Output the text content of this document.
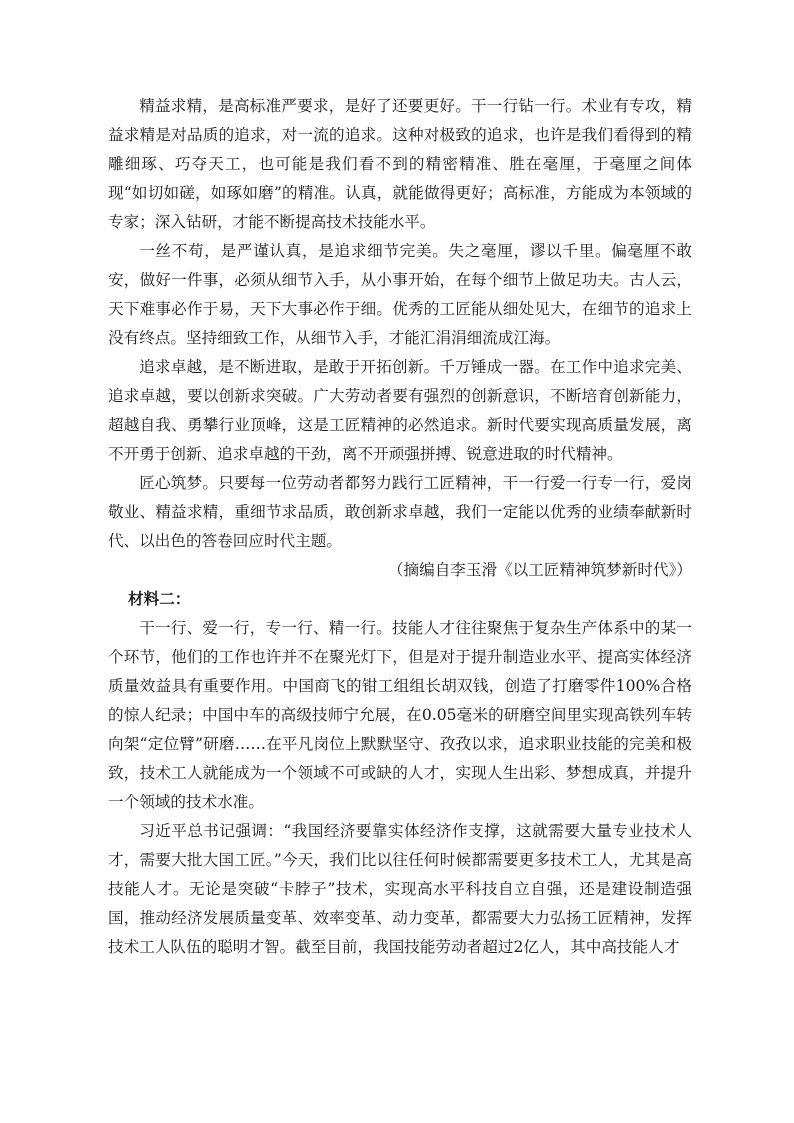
精益求精，是高标准严要求，是好了还要更好。干一行钻一行。术业有专攻，精益求精是对品质的追求，对一流的追求。这种对极致的追求，也许是我们看得到的精雕细琢、巧夺天工，也可能是我们看不到的精密精准、胜在毫厘，于毫厘之间体现“如切如磋，如琢如磨”的精准。认真，就能做得更好；高标准，方能成为本领域的专家；深入钻研，才能不断提高技术技能水平。

一丝不苟，是严谨认真，是追求细节完美。失之毫厘，谬以千里。偏毫厘不敢安，做好一件事，必须从细节入手，从小事开始，在每个细节上做足功夫。古人云，天下难事必作于易，天下大事必作于细。优秀的工匠能从细处见大，在细节的追求上没有终点。坚持细致工作，从细节入手，才能汇涓涓细流成江海。

追求卓越，是不断进取，是敢于开拓创新。千万锤成一器。在工作中追求完美、追求卓越，要以创新求突破。广大劳动者要有强烈的创新意识，不断培育创新能力，超越自我、勇攀行业顶峰，这是工匠精神的必然追求。新时代要实现高质量发展，离不开勇于创新、追求卓越的干劲，离不开顽强拼搏、锐意进取的时代精神。

匠心筑梦。只要每一位劳动者都努力践行工匠精神，干一行爱一行专一行，爱岗敬业、精益求精，重细节求品质，敢创新求卓越，我们一定能以优秀的业绩奉献新时代、以出色的答卷回应时代主题。

（摘编自李玉滑《以工匠精神筑梦新时代》）

材料二：

干一行、爱一行，专一行、精一行。技能人才往往聚焦于复杂生产体系中的某一个环节，他们的工作也许并不在聚光灯下，但是对于提升制造业水平、提高实体经济质量效益具有重要作用。中国商飞的钳工组组长胡双钱，创造了打磨零件100%合格的惊人纪录；中国中车的高级技师宁允展，在0.05毫米的研磨空间里实现高铁列车转向架“定位臂”研磨……在平凡岗位上默默坚守、孜孜以求，追求职业技能的完美和极致，技术工人就能成为一个领域不可或缺的人才，实现人生出彩、梦想成真，并提升一个领域的技术水准。

习近平总书记强调：“我国经济要靠实体经济作支撑，这就需要大量专业技术人才，需要大批大国工匠。”今天，我们比以往任何时候都需要更多技术工人，尤其是高技能人才。无论是突破“卡脖子”技术，实现高水平科技自立自强，还是建设制造强国，推动经济发展质量变革、效率变革、动力变革，都需要大力弘扬工匠精神，发挥技术工人队伍的聪明才智。截至目前，我国技能劳动者超过2亿人，其中高技能人才
